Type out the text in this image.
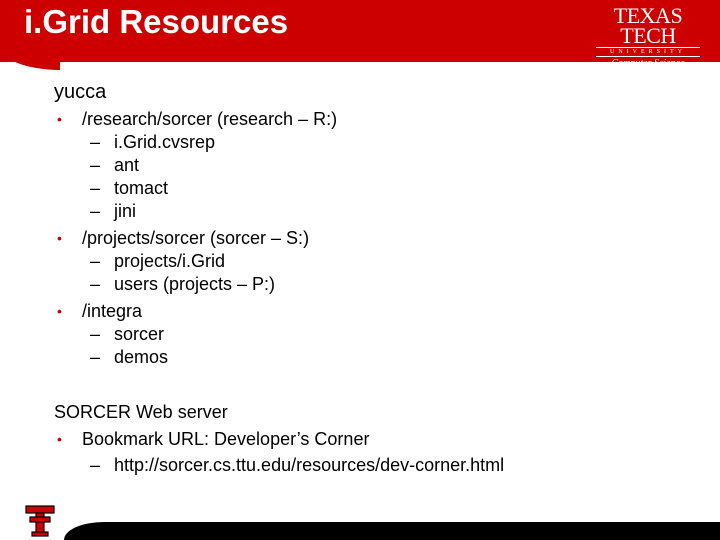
i.Grid Resources	TEXAS TECH
UNIVERSITY
Computer Science
yucca
• /research/sorcer (research – R:)
– i.Grid.cvsrep
– ant
– tomact
– jini
• /projects/sorcer (sorcer – S:)
– projects/i.Grid
– users (projects – P:)
• /integra
– sorcer
– demos
SORCER Web server
• Bookmark URL: Developer’s Corner
– http://sorcer.cs.ttu.edu/resources/dev-corner.html
